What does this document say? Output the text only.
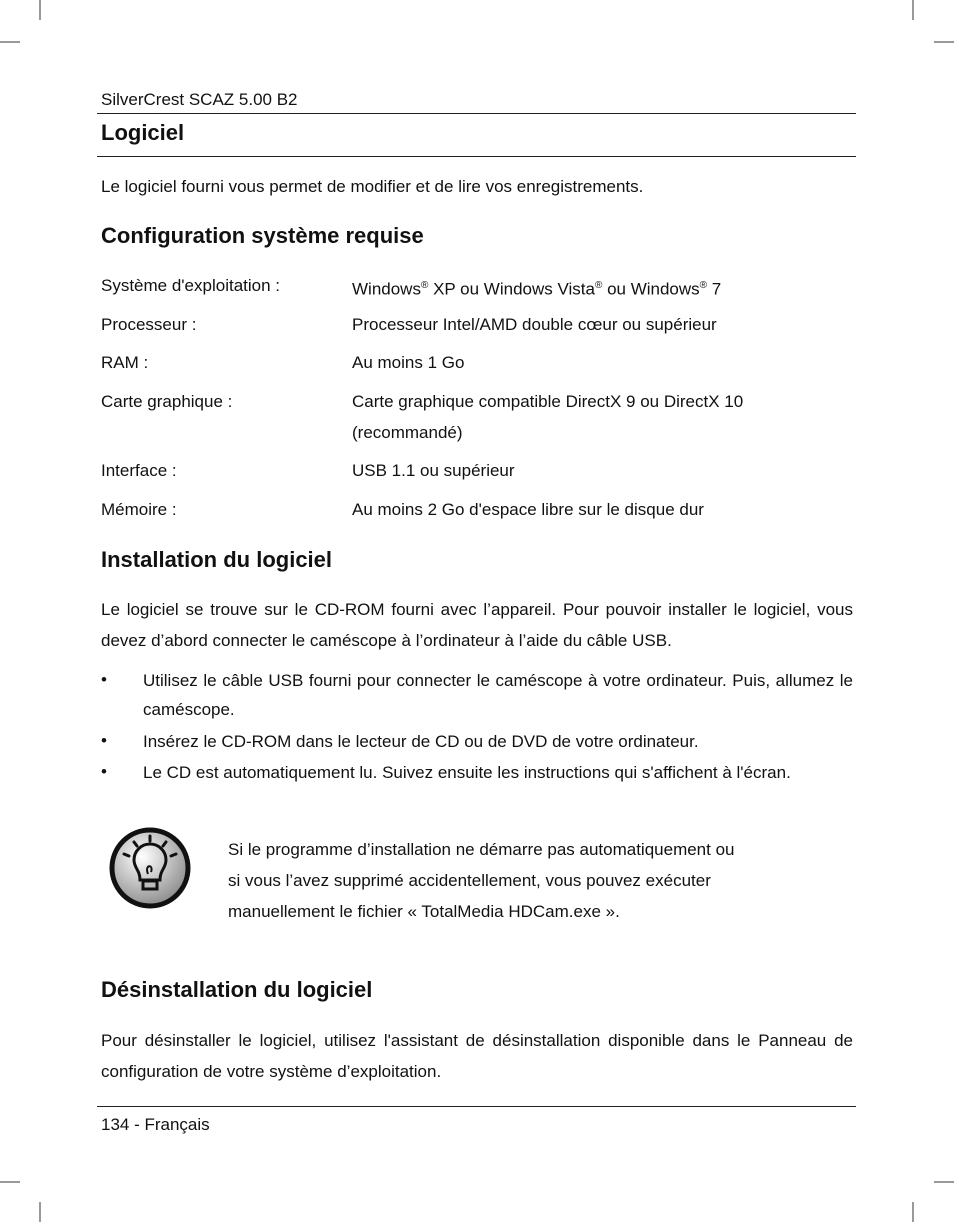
SilverCrest SCAZ 5.00 B2
Logiciel
Le logiciel fourni vous permet de modifier et de lire vos enregistrements.
Configuration système requise
Système d'exploitation :	Windows® XP ou Windows Vista® ou Windows® 7
Processeur :	Processeur Intel/AMD double cœur ou supérieur
RAM :	Au moins 1 Go
Carte graphique :	Carte graphique compatible DirectX 9 ou DirectX 10
(recommandé)
Interface :	USB 1.1 ou supérieur
Mémoire :	Au moins 2 Go d'espace libre sur le disque dur
Installation du logiciel
Le logiciel se trouve sur le CD-ROM fourni avec l’appareil. Pour pouvoir installer le logiciel, vous devez d’abord connecter le caméscope à l’ordinateur à l’aide du câble USB.
• Utilisez le câble USB fourni pour connecter le caméscope à votre ordinateur. Puis, allumez le caméscope.
• Insérez le CD-ROM dans le lecteur de CD ou de DVD de votre ordinateur.
• Le CD est automatiquement lu. Suivez ensuite les instructions qui s'affichent à l'écran.
Si le programme d’installation ne démarre pas automatiquement ou
si vous l’avez supprimé accidentellement, vous pouvez exécuter
manuellement le fichier « TotalMedia HDCam.exe ».
Désinstallation du logiciel
Pour désinstaller le logiciel, utilisez l'assistant de désinstallation disponible dans le Panneau de configuration de votre système d’exploitation.
134 - Français
